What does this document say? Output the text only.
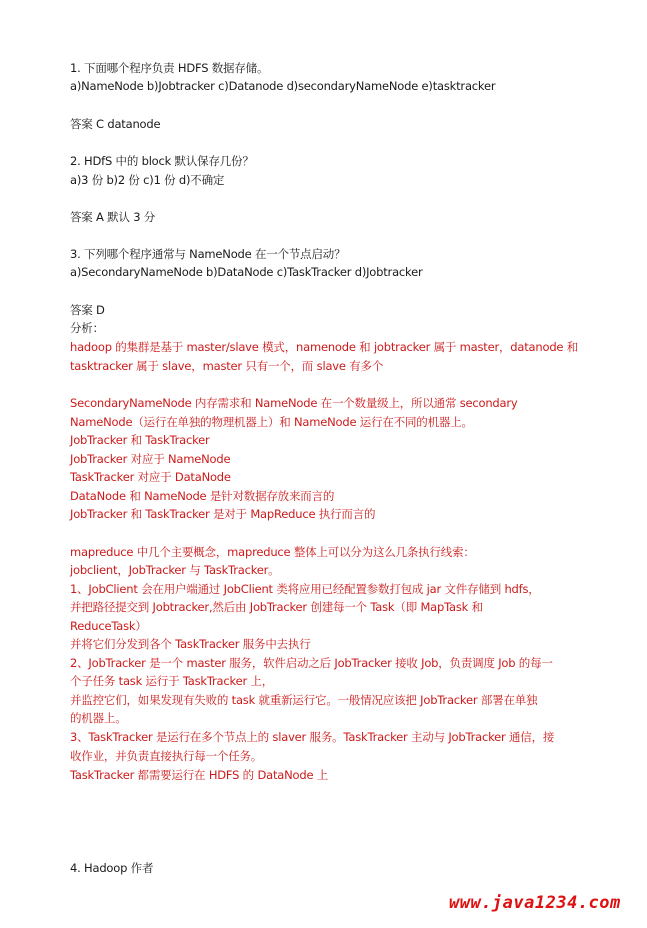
1. 下面哪个程序负责 HDFS 数据存储。
a)NameNode b)Jobtracker c)Datanode d)secondaryNameNode e)tasktracker
答案 C datanode
2. HDfS 中的 block 默认保存几份？
a)3 份 b)2 份 c)1 份 d)不确定
答案 A 默认 3 分
3. 下列哪个程序通常与 NameNode 在一个节点启动？
a)SecondaryNameNode b)DataNode c)TaskTracker d)Jobtracker
答案 D
分析：
hadoop 的集群是基于 master/slave 模式，namenode 和 jobtracker 属于 master，datanode 和
tasktracker 属于 slave，master 只有一个，而 slave 有多个
SecondaryNameNode 内存需求和 NameNode 在一个数量级上，所以通常 secondary
NameNode（运行在单独的物理机器上）和 NameNode 运行在不同的机器上。
JobTracker 和 TaskTracker
JobTracker 对应于 NameNode
TaskTracker 对应于 DataNode
DataNode 和 NameNode 是针对数据存放来而言的
JobTracker 和 TaskTracker 是对于 MapReduce 执行而言的
mapreduce 中几个主要概念，mapreduce 整体上可以分为这么几条执行线索：
jobclient，JobTracker 与 TaskTracker。
1、JobClient 会在用户端通过 JobClient 类将应用已经配置参数打包成 jar 文件存储到 hdfs，
并把路径提交到 Jobtracker,然后由 JobTracker 创建每一个 Task（即 MapTask 和
ReduceTask）
并将它们分发到各个 TaskTracker 服务中去执行
2、JobTracker 是一个 master 服务，软件启动之后 JobTracker 接收 Job，负责调度 Job 的每一
个子任务 task 运行于 TaskTracker 上，
并监控它们，如果发现有失败的 task 就重新运行它。一般情况应该把 JobTracker 部署在单独
的机器上。
3、TaskTracker 是运行在多个节点上的 slaver 服务。TaskTracker 主动与 JobTracker 通信，接
收作业，并负责直接执行每一个任务。
TaskTracker 都需要运行在 HDFS 的 DataNode 上
4. Hadoop 作者
www.java1234.com
